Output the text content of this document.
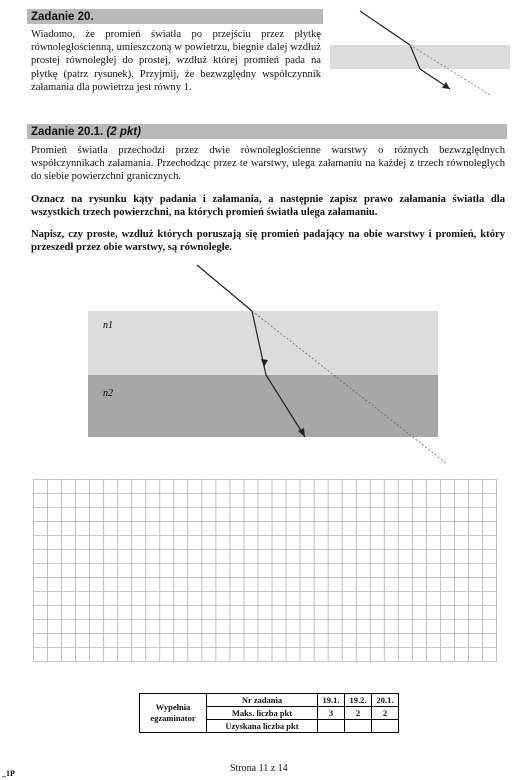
Zadanie 20.
Wiadomo, że promień światła po przejściu przez płytkę równoległościenną, umieszczoną w powietrzu, biegnie dalej wzdłuż prostej równoległej do prostej, wzdłuż której promień pada na płytkę (patrz rysunek). Przyjmij, że bezwzględny współczynnik załamania dla powietrza jest równy 1.
Zadanie 20.1. (2 pkt)
Promień światła przechodzi przez dwie równoległościenne warstwy o różnych bezwzględnych współczynnikach załamania. Przechodząc przez te warstwy, ulega załamaniu na każdej z trzech równoległych do siebie powierzchni granicznych.
Oznacz na rysunku kąty padania i załamania, a następnie zapisz prawo załamania światła dla wszystkich trzech powierzchni, na których promień światła ulega załamaniu.
Napisz, czy proste, wzdłuż których poruszają się promień padający na obie warstwy i promień, który przeszedł przez obie warstwy, są równoległe.
n1
n2
Wypełnia egzaminator	Nr zadania	19.1.	19.2.	20.1.
	Maks. liczba pkt	3	2	2
	Uzyskana liczba pkt			
Strona 11 z 14
_1P
